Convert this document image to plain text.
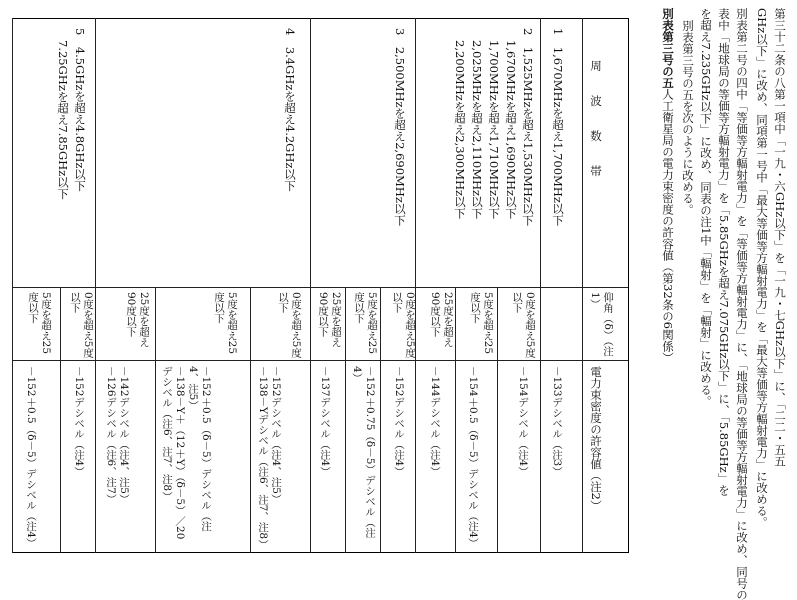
第三十二条の八第一項中「一九・六GHz以下」を「一九・七GHz以下」に、「二二・五五

GHz以下」に改め、同項第一号中「最大等価等方輻射電力」を「最大等価等方輻射電力」に改める。

別表第二号の四中「等価等方輻射電力」を「等価等方輻射電力」に、「地球局の等価等方輻射電力」に改め、同号の

表中「地球局の等価等方輻射電力」を「5.85GHzを超え7.075GHz以下」に、「5.85GHz」を

を超え7.235GHz以下」に改め、同表の注1中「輻射」を「輻射」に改める。

別表第三号の五を次のように改める。

別表第三号の五人工衛星局の電力束密度の許容値（第32条の6関係）
周　波　数　帯
仰角（δ）（注1）
電力束密度の許容値（注2）
1　1,670MHzを超え1,700MHz以下
－133デシベル（注3）
2　1,525MHzを超え1,530MHz以下
1,670MHzを超え1,690MHz以下
1,700MHzを超え1,710MHz以下
2,025MHzを超え2,110MHz以下
2,200MHzを超え2,300MHz以下
0度を超え5度以下
－154デシベル（注4）
5度を超え25度以下
－154＋0.5（δ－5）デシベル（注4）
25度を超え90度以下
－144デシベル（注4）
3　2,500MHzを超え2,690MHz以下
0度を超え5度以下
－152デシベル（注4）
5度を超え25度以下
－152＋0.75（δ－5）デシベル（注4）
25度を超え90度以下
－137デシベル（注4）
4　3.4GHzを超え4.2GHz以下
0度を超え5度以下
－152デシベル（注4、注5）
－138－Yデシベル（注6、注7、注8）
5度を超え25度以下
－152＋0.5（δ－5）デシベル（注4、注5）
－138－Y＋（12＋Y）（δ－5）／20デシベル（注6、注7、注8）
25度を超え90度以下
－142デシベル（注4、注5）
－126デシベル（注6、注7）
5　4.5GHzを超え4.8GHz以下
7.25GHzを超え7.85GHz以下
0度を超え5度以下
－152デシベル（注4）
5度を超え25度以下
－152＋0.5（δ－5）デシベル（注4）
